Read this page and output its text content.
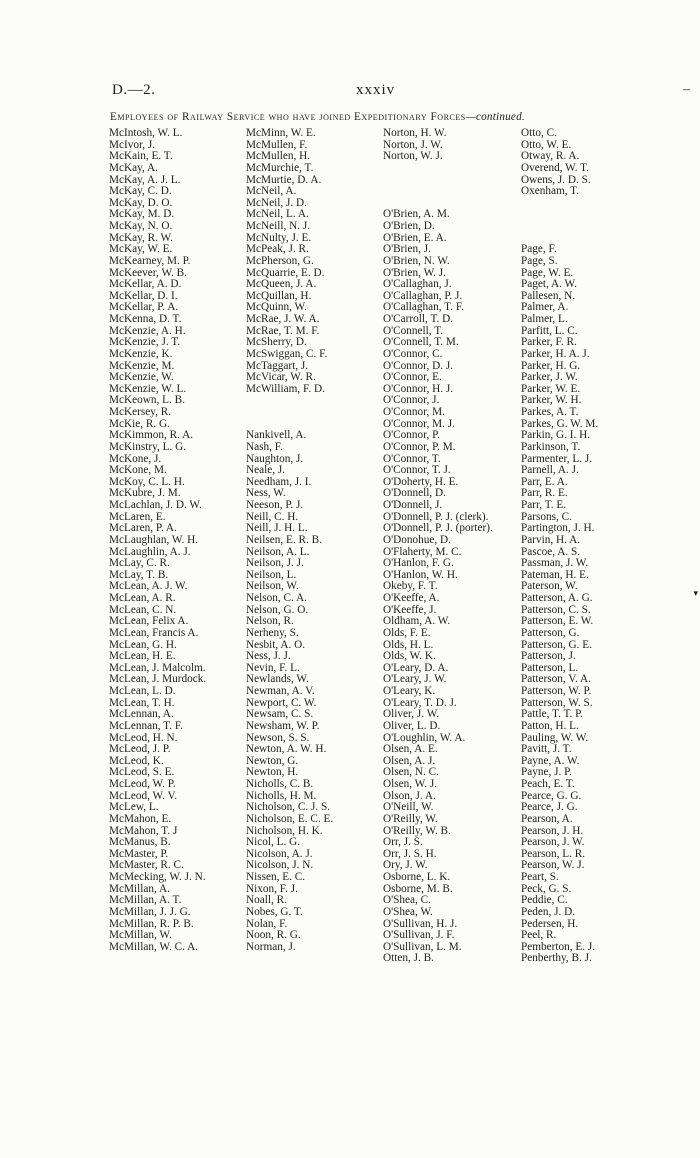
D.—2.	xxxiv	–
Employees of Railway Service who have joined Expeditionary Forces—continued.
McIntosh, W. L.
McIvor, J.
McKain, E. T.
McKay, A.
McKay, A. J. L.
McKay, C. D.
McKay, D. O.
McKay, M. D.
McKay, N. O.
McKay, R. W.
McKay, W. E.
McKearney, M. P.
McKeever, W. B.
McKellar, A. D.
McKellar, D. I.
McKellar, P. A.
McKenna, D. T.
McKenzie, A. H.
McKenzie, J. T.
McKenzie, K.
McKenzie, M.
McKenzie, W.
McKenzie, W. L.
McKeown, L. B.
McKersey, R.
McKie, R. G.
McKimmon, R. A.
McKinstry, L. G.
McKone, J.
McKone, M.
McKoy, C. L. H.
McKubre, J. M.
McLachlan, J. D. W.
McLaren, E.
McLaren, P. A.
McLaughlan, W. H.
McLaughlin, A. J.
McLay, C. R.
McLay, T. B.
McLean, A. J. W.
McLean, A. R.
McLean, C. N.
McLean, Felix A.
McLean, Francis A.
McLean, G. H.
McLean, H. E.
McLean, J. Malcolm.
McLean, J. Murdock.
McLean, L. D.
McLean, T. H.
McLennan, A.
McLennan, T. F.
McLeod, H. N.
McLeod, J. P.
McLeod, K.
McLeod, S. E.
McLeod, W. P.
McLeod, W. V.
McLew, L.
McMahon, E.
McMahon, T. J
McManus, B.
McMaster, P.
McMaster, R. C.
McMecking, W. J. N.
McMillan, A.
McMillan, A. T.
McMillan, J. J. G.
McMillan, R. P. B.
McMillan, W.
McMillan, W. C. A.
McMinn, W. E.
McMullen, F.
McMullen, H.
McMurchie, T.
McMurtie, D. A.
McNeil, A.
McNeil, J. D.
McNeil, L. A.
McNeill, N. J.
McNulty, J. E.
McPeak, J. R.
McPherson, G.
McQuarrie, E. D.
McQueen, J. A.
McQuillan, H.
McQuinn, W.
McRae, J. W. A.
McRae, T. M. F.
McSherry, D.
McSwiggan, C. F.
McTaggart, J.
McVicar, W. R.
McWilliam, F. D.
Nankivell, A.
Nash, F.
Naughton, J.
Neale, J.
Needham, J. I.
Ness, W.
Neeson, P. J.
Neill, C. H.
Neill, J. H. L.
Neilsen, E. R. B.
Neilson, A. L.
Neilson, J. J.
Neilson, L.
Neilson, W.
Nelson, C. A.
Nelson, G. O.
Nelson, R.
Nerheny, S.
Nesbit, A. O.
Ness, J. J.
Nevin, F. L.
Newlands, W.
Newman, A. V.
Newport, C. W.
Newsam, C. S.
Newsham, W. P.
Newson, S. S.
Newton, A. W. H.
Newton, G.
Newton, H.
Nicholls, C. B.
Nicholls, H. M.
Nicholson, C. J. S.
Nicholson, E. C. E.
Nicholson, H. K.
Nicol, L. G.
Nicolson, A. J.
Nicolson, J. N.
Nissen, E. C.
Nixon, F. J.
Noall, R.
Nobes, G. T.
Nolan, F.
Noon, R. G.
Norman, J.
Norton, H. W.
Norton, J. W.
Norton, W. J.
O'Brien, A. M.
O'Brien, D.
O'Brien, E. A.
O'Brien, J.
O'Brien, N. W.
O'Brien, W. J.
O'Callaghan, J.
O'Callaghan, P. J.
O'Callaghan, T. F.
O'Carroll, T. D.
O'Connell, T.
O'Connell, T. M.
O'Connor, C.
O'Connor, D. J.
O'Connor, E.
O'Connor, H. J.
O'Connor, J.
O'Connor, M.
O'Connor, M. J.
O'Connor, P.
O'Connor, P. M.
O'Connor, T.
O'Connor, T. J.
O'Doherty, H. E.
O'Donnell, D.
O'Donnell, J.
O'Donnell, P. J. (clerk).
O'Donnell, P. J. (porter).
O'Donohue, D.
O'Flaherty, M. C.
O'Hanlon, F. G.
O'Hanlon, W. H.
Okeby, F. T.
O'Keeffe, A.
O'Keeffe, J.
Oldham, A. W.
Olds, F. E.
Olds, H. L.
Olds, W. K.
O'Leary, D. A.
O'Leary, J. W.
O'Leary, K.
O'Leary, T. D. J.
Oliver, J. W.
Oliver, L. D.
O'Loughlin, W. A.
Olsen, A. E.
Olsen, A. J.
Olsen, N. C.
Olsen, W. J.
Olson, J. A.
O'Neill, W.
O'Reilly, W.
O'Reilly, W. B.
Orr, J. S.
Orr, J. S. H.
Ory, J. W.
Osborne, L. K.
Osborne, M. B.
O'Shea, C.
O'Shea, W.
O'Sullivan, H. J.
O'Sullivan, J. F.
O'Sullivan, L. M.
Otten, J. B.
Otto, C.
Otto, W. E.
Otway, R. A.
Overend, W. T.
Owens, J. D. S.
Oxenham, T.
Page, F.
Page, S.
Page, W. E.
Paget, A. W.
Pallesen, N.
Palmer, A.
Palmer, L.
Parfitt, L. C.
Parker, F. R.
Parker, H. A. J.
Parker, H. G.
Parker, J. W.
Parker, W. E.
Parker, W. H.
Parkes, A. T.
Parkes, G. W. M.
Parkin, G. I. H.
Parkinson, T.
Parmenter, L. J.
Parnell, A. J.
Parr, E. A.
Parr, R. E.
Parr, T. E.
Parsons, C.
Partington, J. H.
Parvin, H. A.
Pascoe, A. S.
Passman, J. W.
Pateman, H. E.
Paterson, W.
Patterson, A. G.
Patterson, C. S.
Patterson, E. W.
Patterson, G.
Patterson, G. E.
Patterson, J.
Patterson, L.
Patterson, V. A.
Patterson, W. P.
Patterson, W. S.
Pattle, T. T. P.
Patton, H. L.
Pauling, W. W.
Pavitt, J. T.
Payne, A. W.
Payne, J. P.
Peach, E. T.
Pearce, G. G.
Pearce, J. G.
Pearson, A.
Pearson, J. H.
Pearson, J. W.
Pearson, L. R.
Pearson, W. J.
Peart, S.
Peck, G. S.
Peddie, C.
Peden, J. D.
Pedersen, H.
Peel, R.
Pemberton, E. J.
Penberthy, B. J.
▾
